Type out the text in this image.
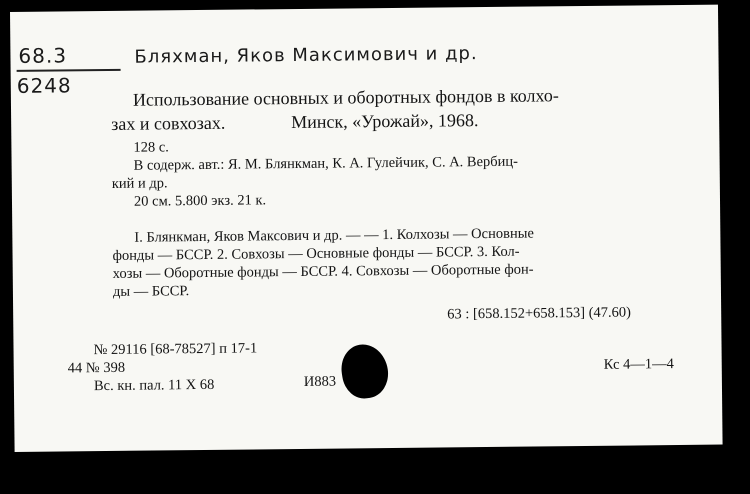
68.3
6248
Бляхман, Яков Максимович и др.
Использование основных и оборотных фондов в колхо-
зах и совхозах.	Минск, «Урожай», 1968.
128 с.
В содерж. авт.: Я. М. Блянкман, К. А. Гулейчик, С. А. Вербиц-
кий и др.
20 см. 5.800 экз. 21 к.
I. Блянкман, Яков Максович и др. — — 1. Колхозы — Основные
фонды — БССР. 2. Совхозы — Основные фонды — БССР. 3. Кол-
хозы — Оборотные фонды — БССР. 4. Совхозы — Оборотные фон-
ды — БССР.
63 : [658.152+658.153] (47.60)
№ 29116 [68-78527] п 17-1
44 № 398
Вс. кн. пал. 11 X 68	И883
Кс 4—1—4
